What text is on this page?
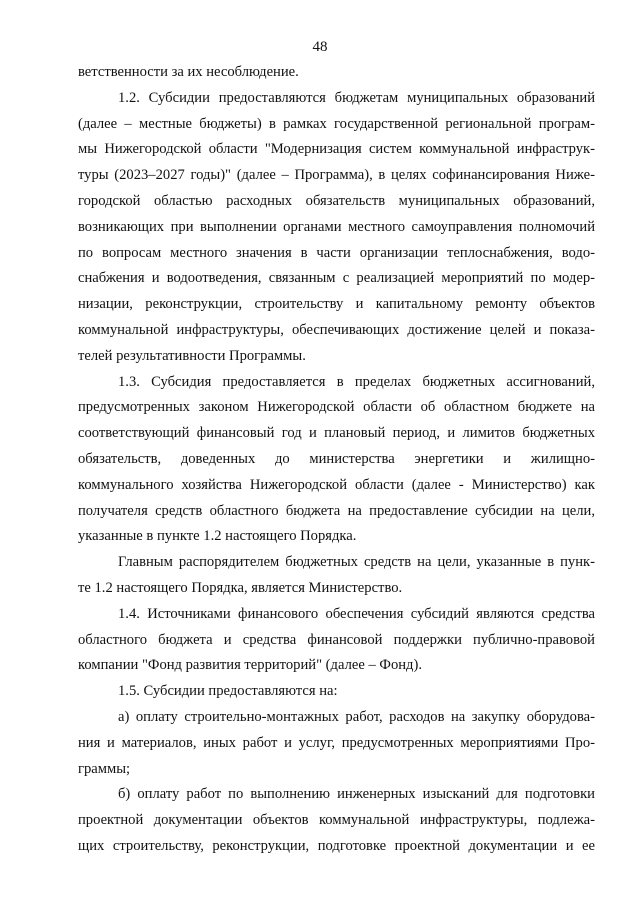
48
ветственности за их несоблюдение.
1.2. Субсидии предоставляются бюджетам муниципальных образований
(далее – местные бюджеты) в рамках государственной региональной програм-
мы Нижегородской области "Модернизация систем коммунальной инфраструк-
туры (2023–2027 годы)" (далее – Программа), в целях софинансирования Ниже-
городской областью расходных обязательств муниципальных образований,
возникающих при выполнении органами местного самоуправления полномочий
по вопросам местного значения в части организации теплоснабжения, водо-
снабжения и водоотведения, связанным с реализацией мероприятий по модер-
низации, реконструкции, строительству и капитальному ремонту объектов
коммунальной инфраструктуры, обеспечивающих достижение целей и показа-
телей результативности Программы.
1.3. Субсидия предоставляется в пределах бюджетных ассигнований,
предусмотренных законом Нижегородской области об областном бюджете на
соответствующий финансовый год и плановый период, и лимитов бюджетных
обязательств, доведенных до министерства энергетики и жилищно-
коммунального хозяйства Нижегородской области (далее - Министерство) как
получателя средств областного бюджета на предоставление субсидии на цели,
указанные в пункте 1.2 настоящего Порядка.
Главным распорядителем бюджетных средств на цели, указанные в пунк-
те 1.2 настоящего Порядка, является Министерство.
1.4. Источниками финансового обеспечения субсидий являются средства
областного бюджета и средства финансовой поддержки публично-правовой
компании "Фонд развития территорий" (далее – Фонд).
1.5. Субсидии предоставляются на:
а) оплату строительно-монтажных работ, расходов на закупку оборудова-
ния и материалов, иных работ и услуг, предусмотренных мероприятиями Про-
граммы;
б) оплату работ по выполнению инженерных изысканий для подготовки
проектной документации объектов коммунальной инфраструктуры, подлежа-
щих строительству, реконструкции, подготовке проектной документации и ее
